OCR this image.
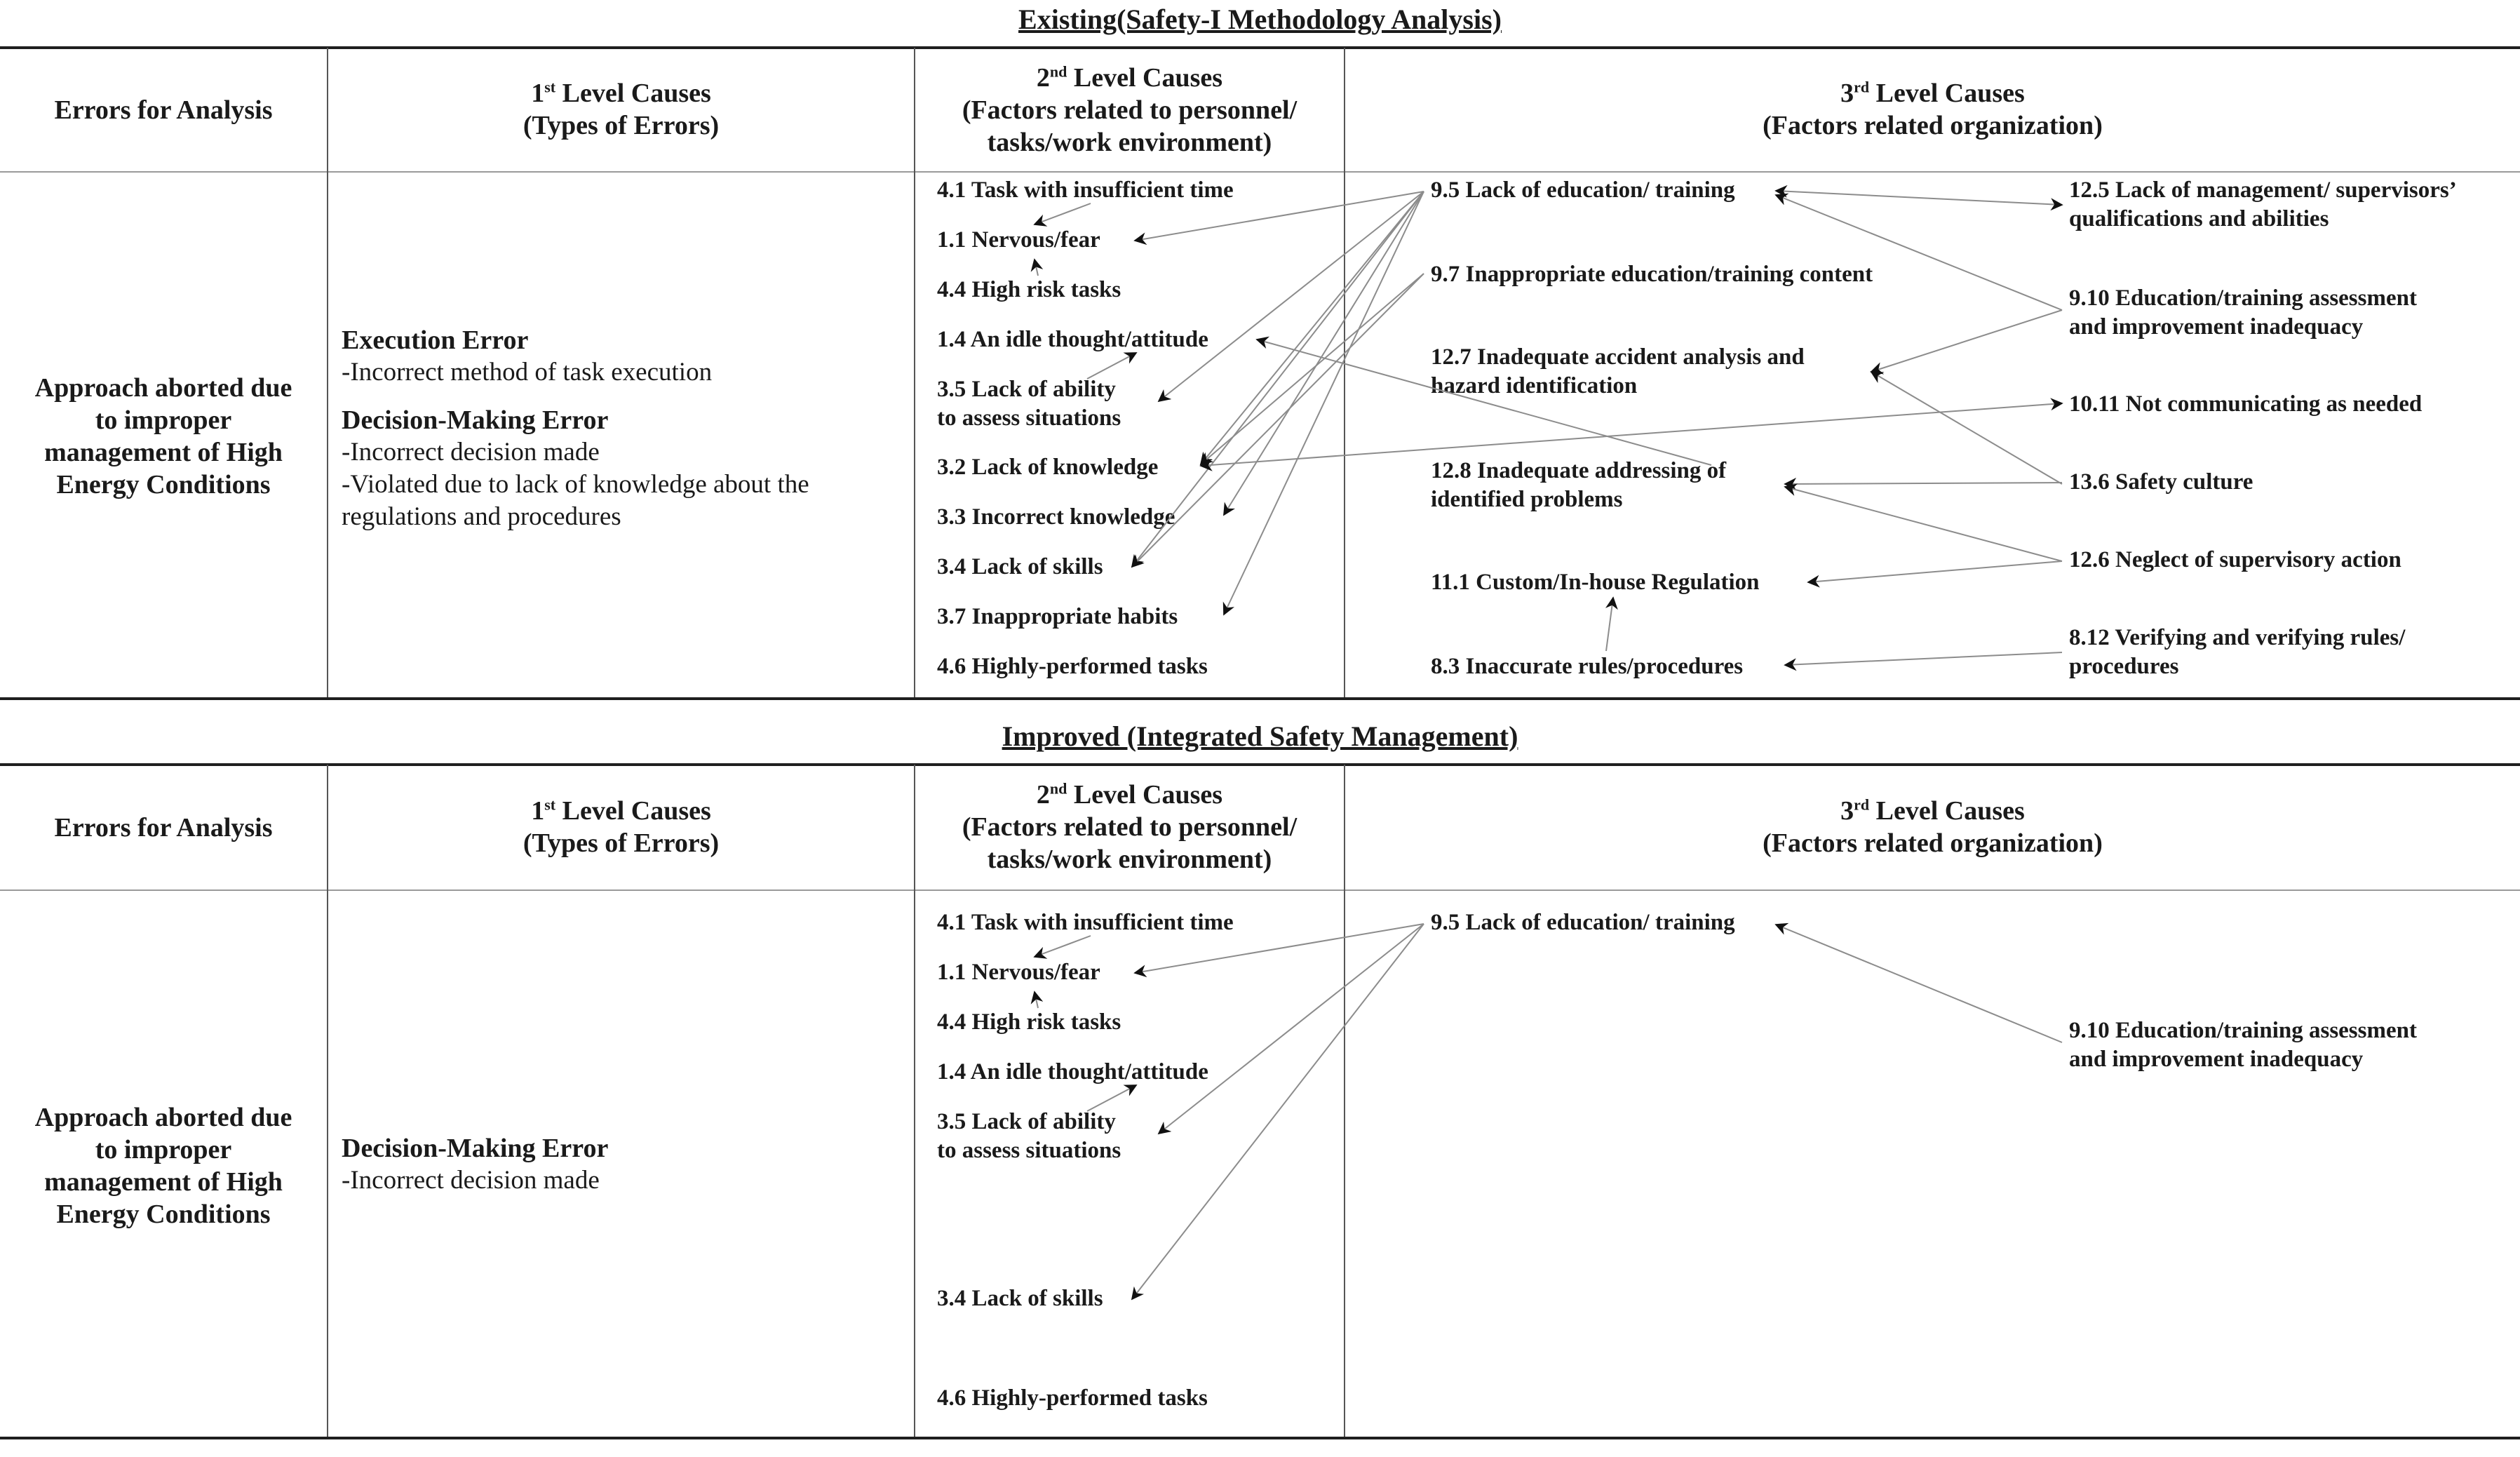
Existing(Safety-I Methodology Analysis)
Errors for Analysis
1st Level Causes
(Types of Errors)
2nd Level Causes
(Factors related to personnel/
tasks/work environment)
3rd Level Causes
(Factors related organization)
Approach aborted due
to improper
management of High
Energy Conditions
Execution Error
-Incorrect method of task execution
Decision-Making Error
-Incorrect decision made
-Violated due to lack of knowledge about the
regulations and procedures
4.1 Task with insufficient time
1.1 Nervous/fear
4.4 High risk tasks
1.4 An idle thought/attitude
3.5 Lack of ability
to assess situations
3.2 Lack of knowledge
3.3 Incorrect knowledge
3.4 Lack of skills
3.7 Inappropriate habits
4.6 Highly-performed tasks
9.5 Lack of education/ training
9.7 Inappropriate education/training content
12.7 Inadequate accident analysis and
hazard identification
12.8 Inadequate addressing of
identified problems
11.1 Custom/In-house Regulation
8.3 Inaccurate rules/procedures
12.5 Lack of management/ supervisors’
qualifications and abilities
9.10 Education/training assessment
and improvement inadequacy
10.11 Not communicating as needed
13.6 Safety culture
12.6 Neglect of supervisory action
8.12 Verifying and verifying rules/
procedures
Improved (Integrated Safety Management)
Errors for Analysis
1st Level Causes
(Types of Errors)
2nd Level Causes
(Factors related to personnel/
tasks/work environment)
3rd Level Causes
(Factors related organization)
Approach aborted due
to improper
management of High
Energy Conditions
Decision-Making Error
-Incorrect decision made
4.1 Task with insufficient time
1.1 Nervous/fear
4.4 High risk tasks
1.4 An idle thought/attitude
3.5 Lack of ability
to assess situations
3.4 Lack of skills
4.6 Highly-performed tasks
9.5 Lack of education/ training
9.10 Education/training assessment
and improvement inadequacy
